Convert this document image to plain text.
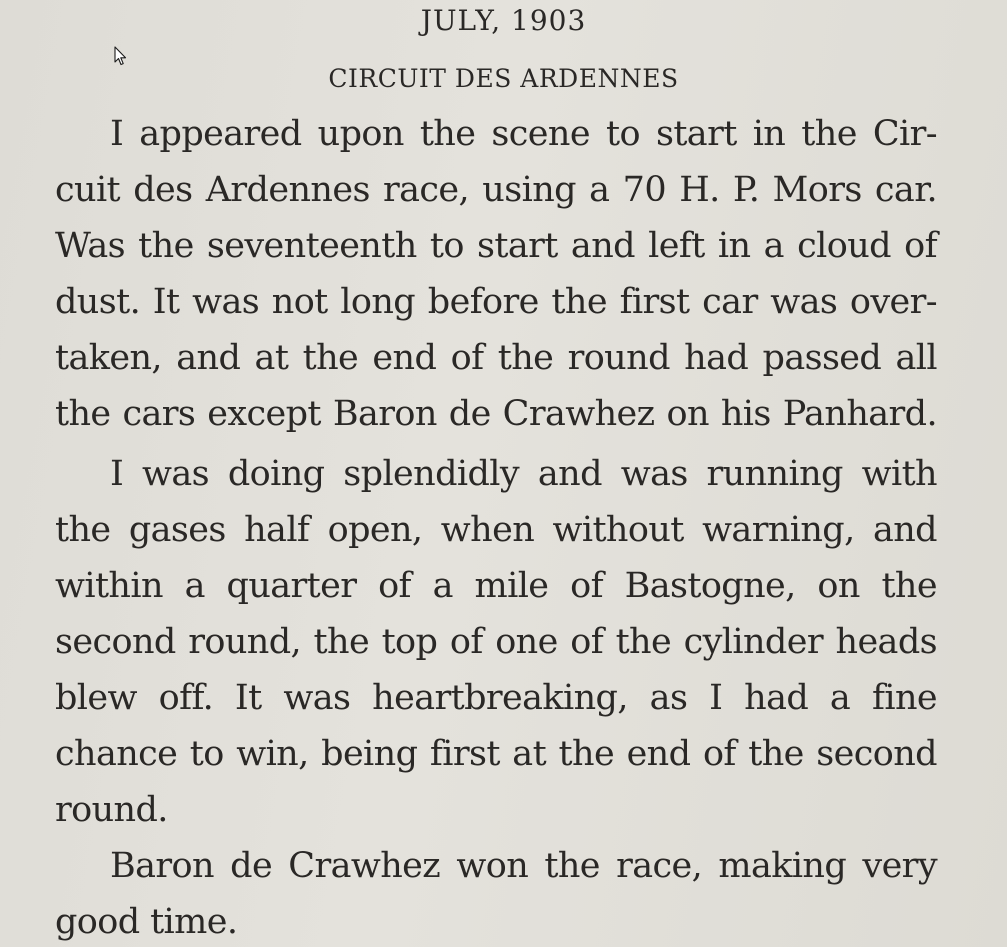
JULY, 1903
CIRCUIT DES ARDENNES
I appeared upon the scene to start in the Cir-
cuit des Ardennes race, using a 70 H. P. Mors car.
Was the seventeenth to start and left in a cloud of
dust. It was not long before the first car was over-
taken, and at the end of the round had passed all
the cars except Baron de Crawhez on his Panhard.
I was doing splendidly and was running with
the gases half open, when without warning, and
within a quarter of a mile of Bastogne, on the
second round, the top of one of the cylinder heads
blew off. It was heartbreaking, as I had a fine
chance to win, being first at the end of the second
round.
Baron de Crawhez won the race, making very
good time.
